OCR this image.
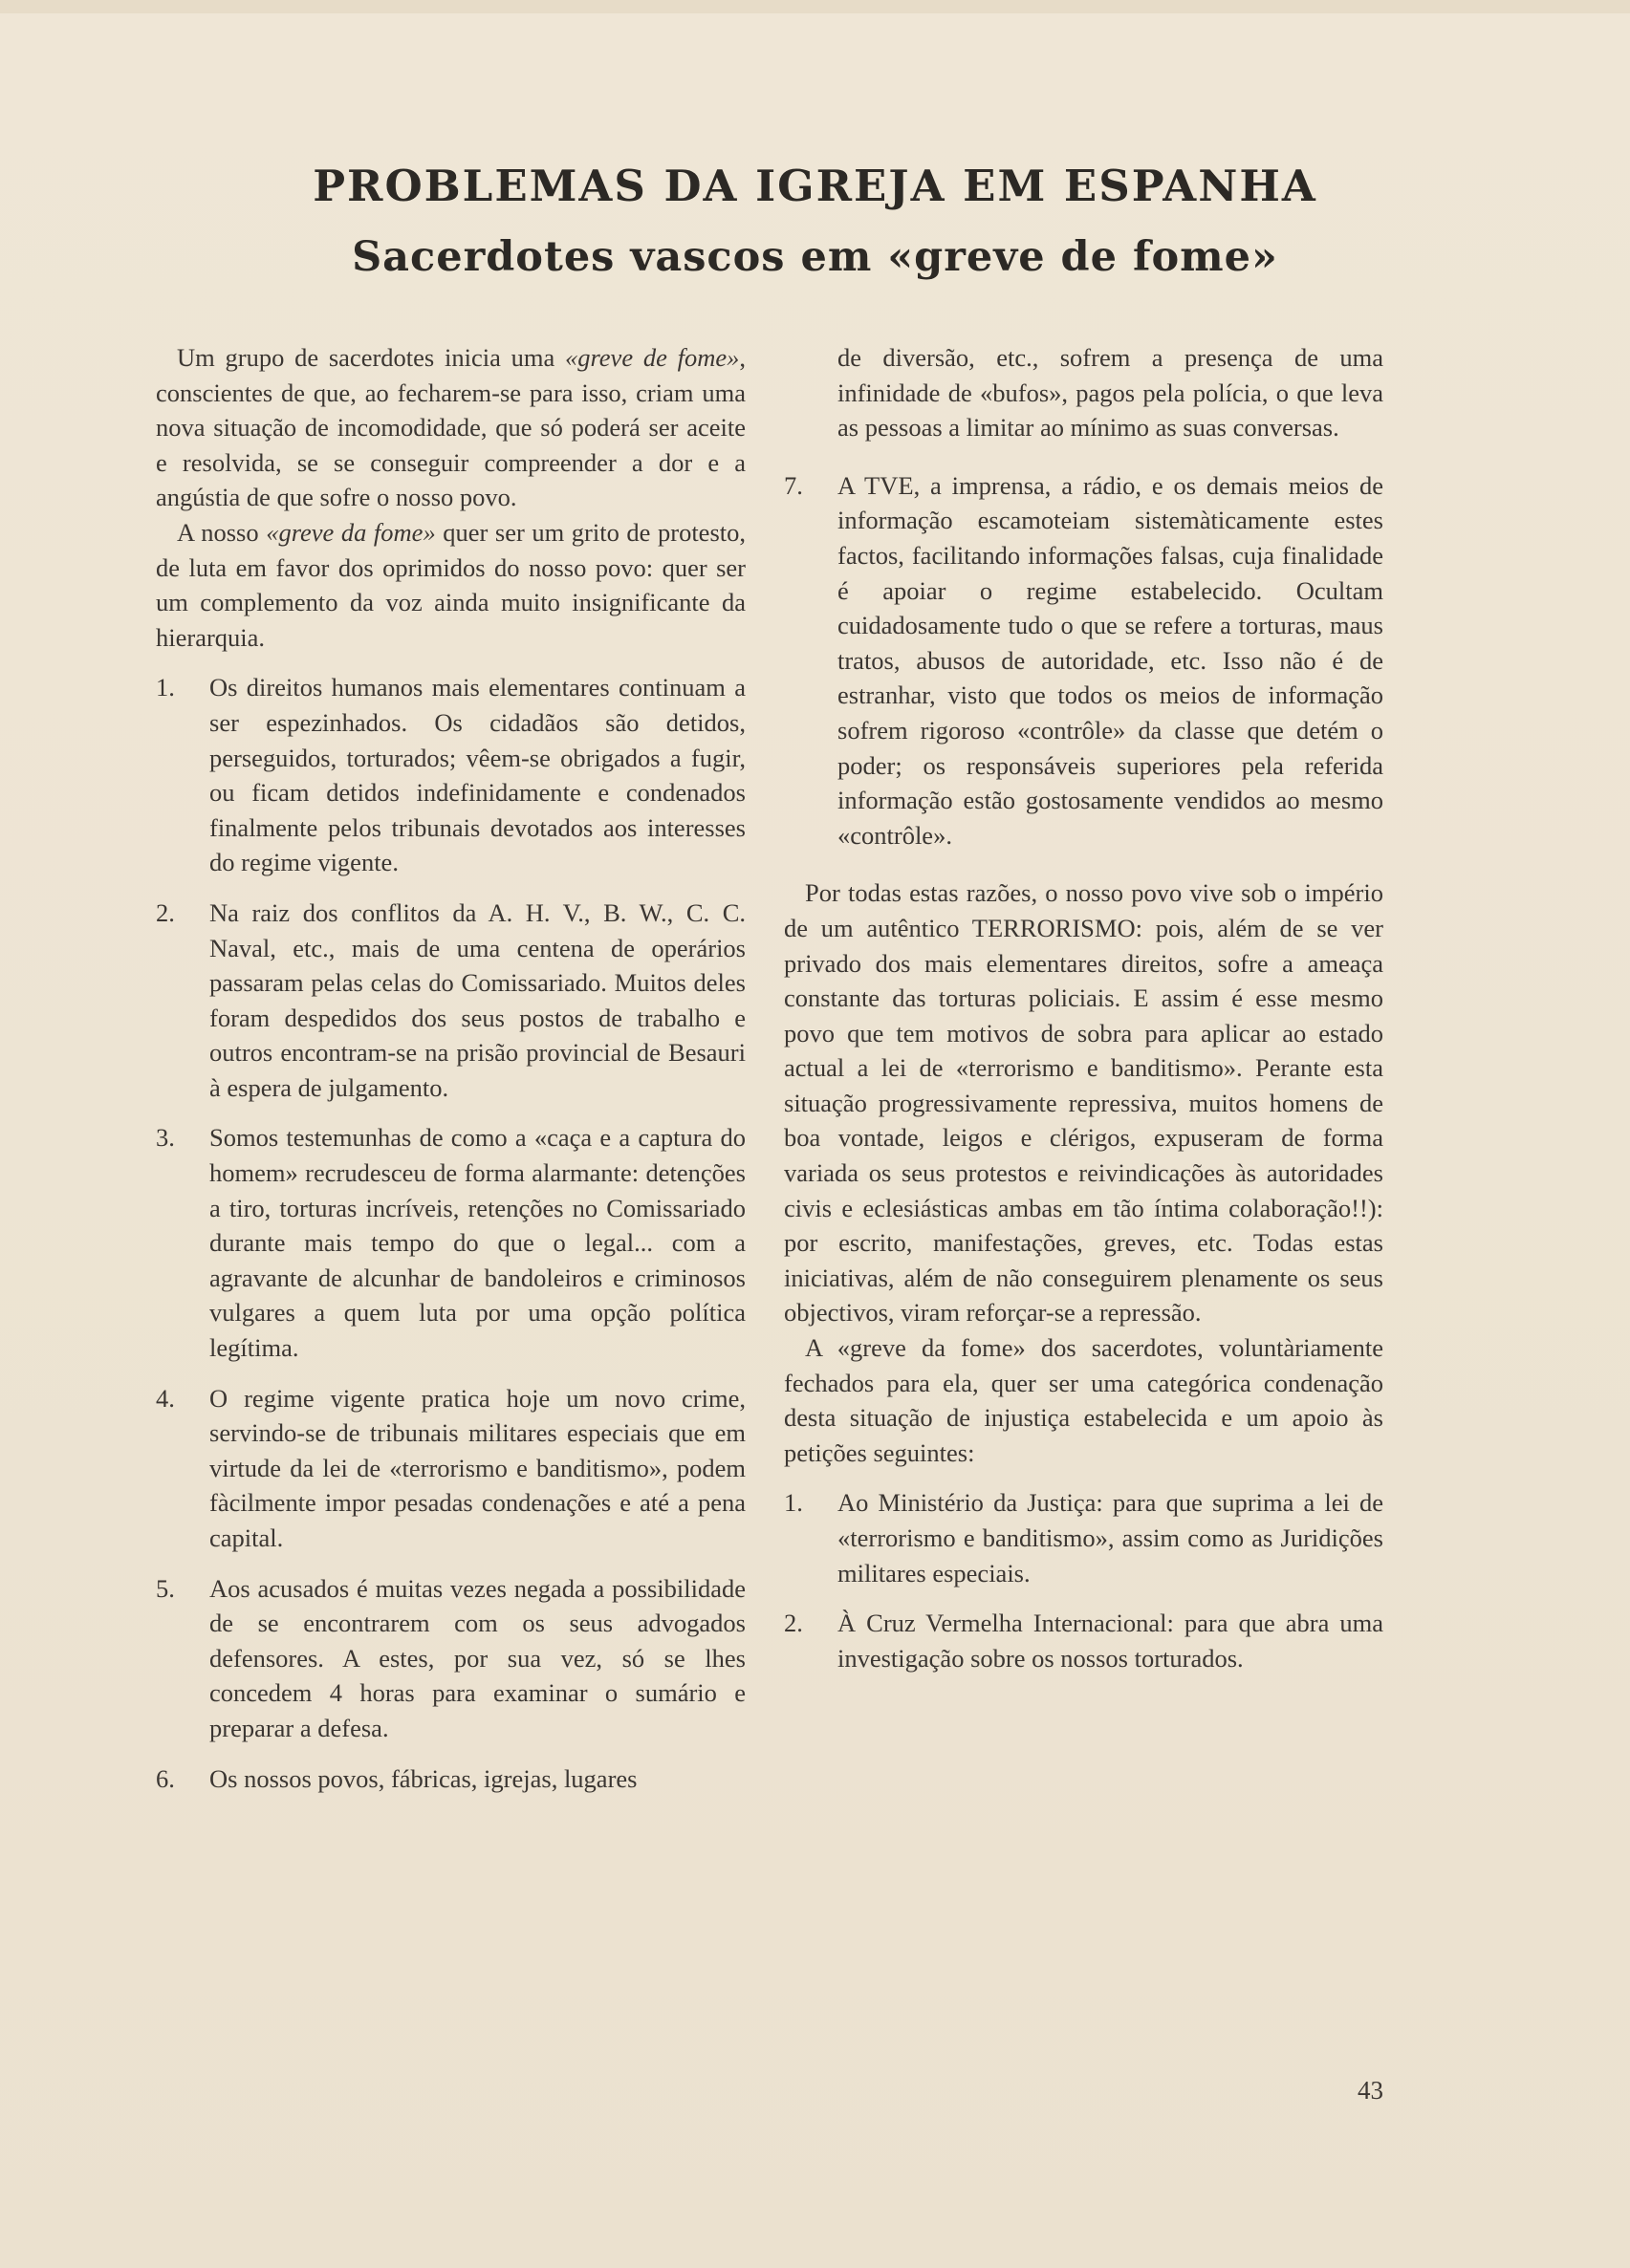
PROBLEMAS DA IGREJA EM ESPANHA
Sacerdotes vascos em «greve de fome»

Um grupo de sacerdotes inicia uma «greve de fome», conscientes de que, ao fecharem-se para isso, criam uma nova situação de incomodidade, que só poderá ser aceite e resolvida, se se conseguir compreender a dor e a angústia de que sofre o nosso povo.

A nosso «greve da fome» quer ser um grito de protesto, de luta em favor dos oprimidos do nosso povo: quer ser um complemento da voz ainda muito insignificante da hierarquia.

1. Os direitos humanos mais elementares continuam a ser espezinhados. Os cidadãos são detidos, perseguidos, torturados; vêem-se obrigados a fugir, ou ficam detidos indefinidamente e condenados finalmente pelos tribunais devotados aos interesses do regime vigente.
2. Na raiz dos conflitos da A. H. V., B. W., C. C. Naval, etc., mais de uma centena de operários passaram pelas celas do Comissariado. Muitos deles foram despedidos dos seus postos de trabalho e outros encontram-se na prisão provincial de Besauri à espera de julgamento.
3. Somos testemunhas de como a «caça e a captura do homem» recrudesceu de forma alarmante: detenções a tiro, torturas incríveis, retenções no Comissariado durante mais tempo do que o legal... com a agravante de alcunhar de bandoleiros e criminosos vulgares a quem luta por uma opção política legítima.
4. O regime vigente pratica hoje um novo crime, servindo-se de tribunais militares especiais que em virtude da lei de «terrorismo e banditismo», podem fàcilmente impor pesadas condenações e até a pena capital.
5. Aos acusados é muitas vezes negada a possibilidade de se encontrarem com os seus advogados defensores. A estes, por sua vez, só se lhes concedem 4 horas para examinar o sumário e preparar a defesa.
6. Os nossos povos, fábricas, igrejas, lugares
de diversão, etc., sofrem a presença de uma infinidade de «bufos», pagos pela polícia, o que leva as pessoas a limitar ao mínimo as suas conversas.
7. A TVE, a imprensa, a rádio, e os demais meios de informação escamoteiam sistemàticamente estes factos, facilitando informações falsas, cuja finalidade é apoiar o regime estabelecido. Ocultam cuidadosamente tudo o que se refere a torturas, maus tratos, abusos de autoridade, etc. Isso não é de estranhar, visto que todos os meios de informação sofrem rigoroso «contrôle» da classe que detém o poder; os responsáveis superiores pela referida informação estão gostosamente vendidos ao mesmo «contrôle».

Por todas estas razões, o nosso povo vive sob o império de um autêntico TERRORISMO: pois, além de se ver privado dos mais elementares direitos, sofre a ameaça constante das torturas policiais. E assim é esse mesmo povo que tem motivos de sobra para aplicar ao estado actual a lei de «terrorismo e banditismo». Perante esta situação progressivamente repressiva, muitos homens de boa vontade, leigos e clérigos, expuseram de forma variada os seus protestos e reivindicações às autoridades civis e eclesiásticas ambas em tão íntima colaboração!!): por escrito, manifestações, greves, etc. Todas estas iniciativas, além de não conseguirem plenamente os seus objectivos, viram reforçar-se a repressão.

A «greve da fome» dos sacerdotes, voluntàriamente fechados para ela, quer ser uma categórica condenação desta situação de injustiça estabelecida e um apoio às petições seguintes:

1. Ao Ministério da Justiça: para que suprima a lei de «terrorismo e banditismo», assim como as Juridições militares especiais.
2. À Cruz Vermelha Internacional: para que abra uma investigação sobre os nossos torturados.
43
